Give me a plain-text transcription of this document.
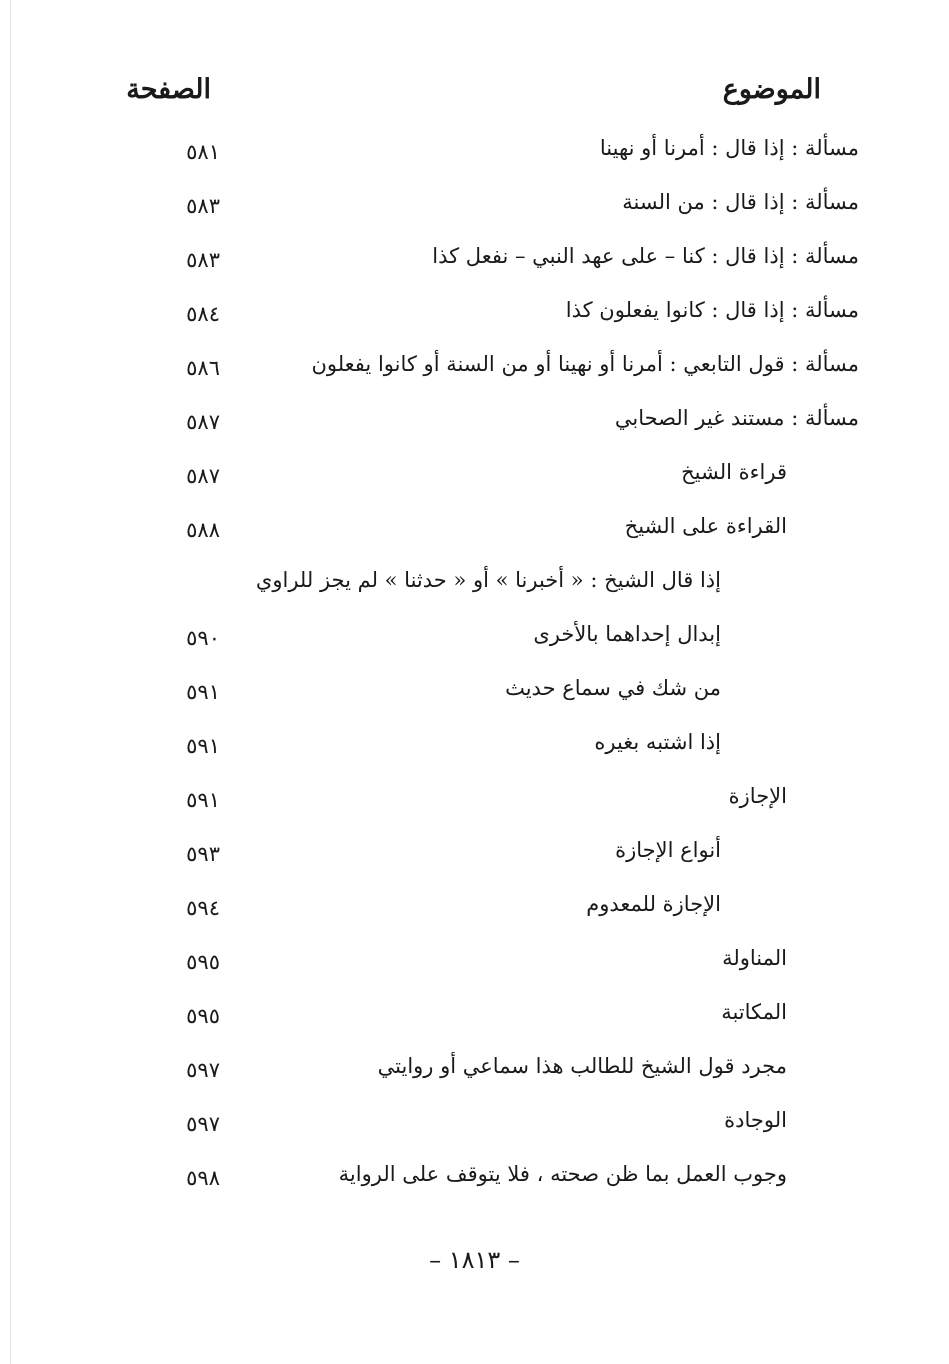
الموضوع
الصفحة
مسألة : إذا قال : أمرنا أو نهينا
٥٨١
مسألة : إذا قال : من السنة
٥٨٣
مسألة : إذا قال : كنا – على عهد النبي – نفعل كذا
٥٨٣
مسألة : إذا قال : كانوا يفعلون كذا
٥٨٤
مسألة : قول التابعي : أمرنا أو نهينا أو من السنة أو كانوا يفعلون
٥٨٦
مسألة : مستند غير الصحابي
٥٨٧
قراءة الشيخ
٥٨٧
القراءة على الشيخ
٥٨٨
إذا قال الشيخ : « أخبرنا » أو « حدثنا » لم يجز للراوي
إبدال إحداهما بالأخرى
٥٩٠
من شك في سماع حديث
٥٩١
إذا اشتبه بغيره
٥٩١
الإجازة
٥٩١
أنواع الإجازة
٥٩٣
الإجازة للمعدوم
٥٩٤
المناولة
٥٩٥
المكاتبة
٥٩٥
مجرد قول الشيخ للطالب هذا سماعي أو روايتي
٥٩٧
الوجادة
٥٩٧
وجوب العمل بما ظن صحته ، فلا يتوقف على الرواية
٥٩٨
– ١٨١٣ –
